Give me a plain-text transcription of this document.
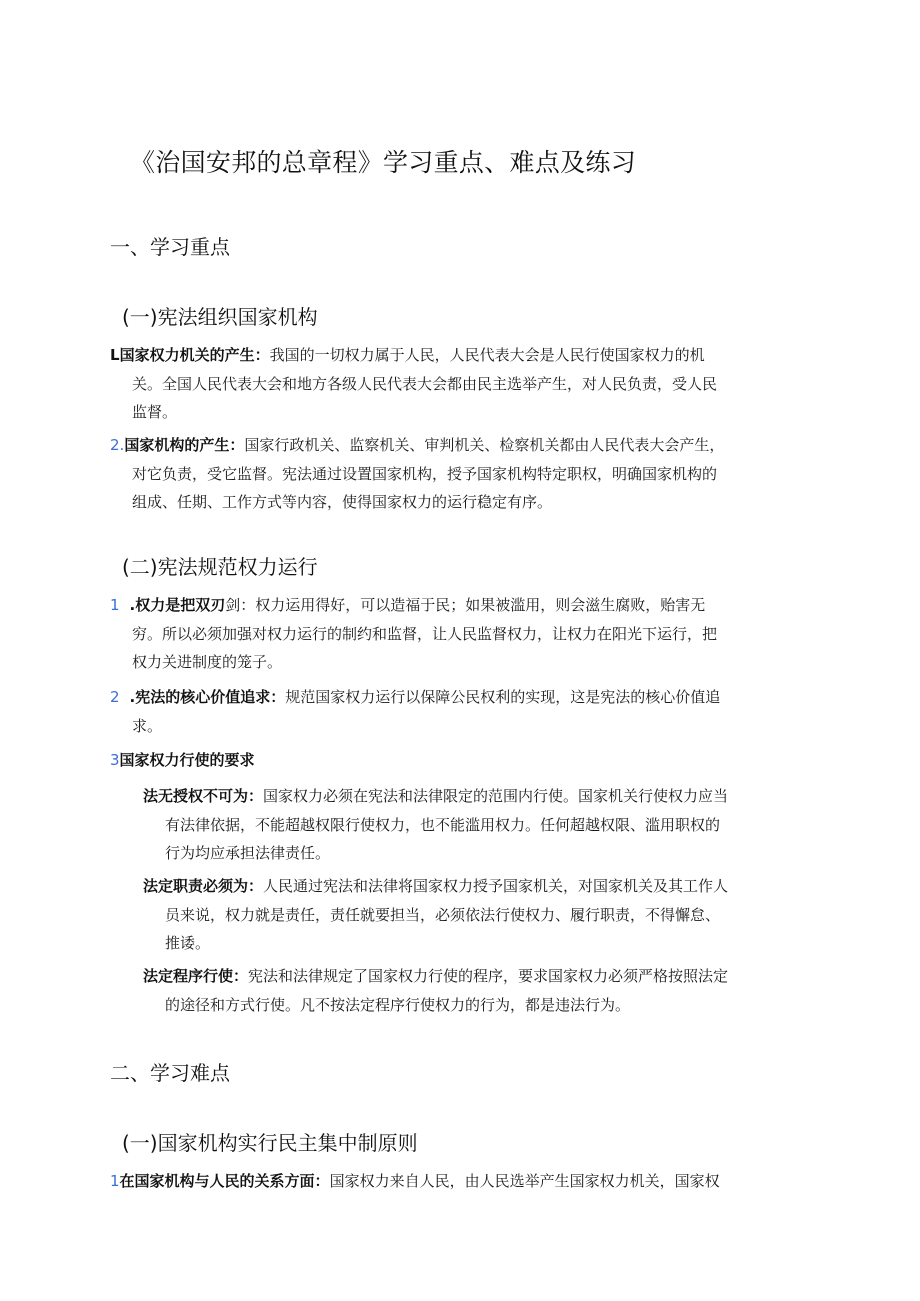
《治国安邦的总章程》学习重点、难点及练习
一、学习重点
(一)宪法组织国家机构
L国家权力机关的产生：我国的一切权力属于人民，人民代表大会是人民行使国家权力的机
关。全国人民代表大会和地方各级人民代表大会都由民主选举产生，对人民负责，受人民
监督。
2.国家机构的产生：国家行政机关、监察机关、审判机关、检察机关都由人民代表大会产生，
对它负责，受它监督。宪法通过设置国家机构，授予国家机构特定职权，明确国家机构的
组成、任期、工作方式等内容，使得国家权力的运行稳定有序。
(二)宪法规范权力运行
1 .权力是把双刃剑：权力运用得好，可以造福于民；如果被滥用，则会滋生腐败，贻害无
穷。所以必须加强对权力运行的制约和监督，让人民监督权力，让权力在阳光下运行，把
权力关进制度的笼子。
2 .宪法的核心价值追求：规范国家权力运行以保障公民权利的实现，这是宪法的核心价值追
求。
3国家权力行使的要求
法无授权不可为：国家权力必须在宪法和法律限定的范围内行使。国家机关行使权力应当
有法律依据，不能超越权限行使权力，也不能滥用权力。任何超越权限、滥用职权的
行为均应承担法律责任。
法定职责必须为：人民通过宪法和法律将国家权力授予国家机关，对国家机关及其工作人
员来说，权力就是责任，责任就要担当，必须依法行使权力、履行职责，不得懈怠、
推诿。
法定程序行使：宪法和法律规定了国家权力行使的程序，要求国家权力必须严格按照法定
的途径和方式行使。凡不按法定程序行使权力的行为，都是违法行为。
二、学习难点
(一)国家机构实行民主集中制原则
1在国家机构与人民的关系方面：国家权力来自人民，由人民选举产生国家权力机关，国家权
